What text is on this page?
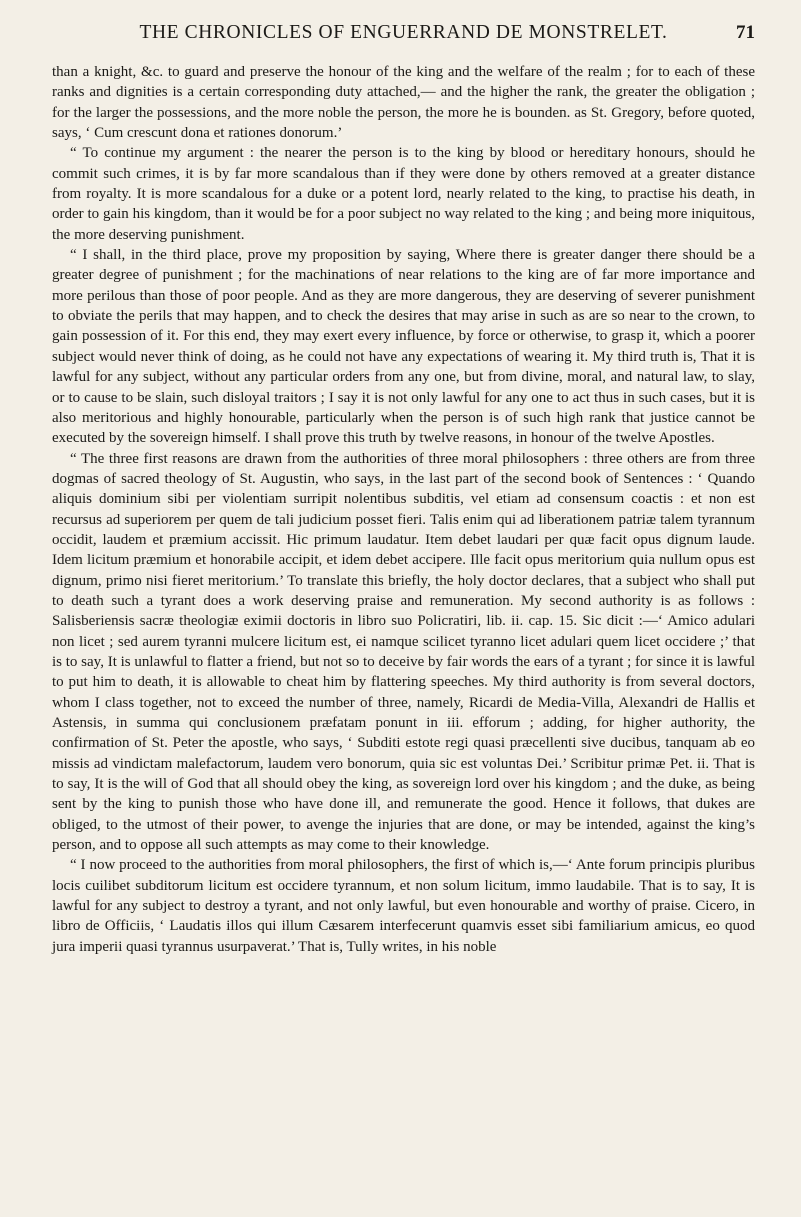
THE CHRONICLES OF ENGUERRAND DE MONSTRELET.	71

than a knight, &c. to guard and preserve the honour of the king and the welfare of the realm ; for to each of these ranks and dignities is a certain corresponding duty attached,— and the higher the rank, the greater the obligation ; for the larger the possessions, and the more noble the person, the more he is bounden. as St. Gregory, before quoted, says, ‘ Cum crescunt dona et rationes donorum.’

“ To continue my argument : the nearer the person is to the king by blood or hereditary honours, should he commit such crimes, it is by far more scandalous than if they were done by others removed at a greater distance from royalty. It is more scandalous for a duke or a potent lord, nearly related to the king, to practise his death, in order to gain his kingdom, than it would be for a poor subject no way related to the king ; and being more iniquitous, the more deserving punishment.

“ I shall, in the third place, prove my proposition by saying, Where there is greater danger there should be a greater degree of punishment ; for the machinations of near relations to the king are of far more importance and more perilous than those of poor people. And as they are more dangerous, they are deserving of severer punishment to obviate the perils that may happen, and to check the desires that may arise in such as are so near to the crown, to gain possession of it. For this end, they may exert every influence, by force or otherwise, to grasp it, which a poorer subject would never think of doing, as he could not have any expectations of wearing it. My third truth is, That it is lawful for any subject, without any particular orders from any one, but from divine, moral, and natural law, to slay, or to cause to be slain, such disloyal traitors ; I say it is not only lawful for any one to act thus in such cases, but it is also meritorious and highly honourable, particularly when the person is of such high rank that justice cannot be executed by the sovereign himself. I shall prove this truth by twelve reasons, in honour of the twelve Apostles.

“ The three first reasons are drawn from the authorities of three moral philosophers : three others are from three dogmas of sacred theology of St. Augustin, who says, in the last part of the second book of Sentences : ‘ Quando aliquis dominium sibi per violentiam surripit nolentibus subditis, vel etiam ad consensum coactis : et non est recursus ad superiorem per quem de tali judicium posset fieri. Talis enim qui ad liberationem patriæ talem tyrannum occidit, laudem et præmium accissit. Hic primum laudatur. Item debet laudari per quæ facit opus dignum laude. Idem licitum præmium et honorabile accipit, et idem debet accipere. Ille facit opus meritorium quia nullum opus est dignum, primo nisi fieret meritorium.’ To translate this briefly, the holy doctor declares, that a subject who shall put to death such a tyrant does a work deserving praise and remuneration. My second authority is as follows : Salisberiensis sacræ theologiæ eximii doctoris in libro suo Policratiri, lib. ii. cap. 15. Sic dicit :—‘ Amico adulari non licet ; sed aurem tyranni mulcere licitum est, ei namque scilicet tyranno licet adulari quem licet occidere ;’ that is to say, It is unlawful to flatter a friend, but not so to deceive by fair words the ears of a tyrant ; for since it is lawful to put him to death, it is allowable to cheat him by flattering speeches. My third authority is from several doctors, whom I class together, not to exceed the number of three, namely, Ricardi de Media-Villa, Alexandri de Hallis et Astensis, in summa qui conclusionem præfatam ponunt in iii. efforum ; adding, for higher authority, the confirmation of St. Peter the apostle, who says, ‘ Subditi estote regi quasi præcellenti sive ducibus, tanquam ab eo missis ad vindictam malefactorum, laudem vero bonorum, quia sic est voluntas Dei.’ Scribitur primæ Pet. ii. That is to say, It is the will of God that all should obey the king, as sovereign lord over his kingdom ; and the duke, as being sent by the king to punish those who have done ill, and remunerate the good. Hence it follows, that dukes are obliged, to the utmost of their power, to avenge the injuries that are done, or may be intended, against the king’s person, and to oppose all such attempts as may come to their knowledge.

“ I now proceed to the authorities from moral philosophers, the first of which is,—‘ Ante forum principis pluribus locis cuilibet subditorum licitum est occidere tyrannum, et non solum licitum, immo laudabile. That is to say, It is lawful for any subject to destroy a tyrant, and not only lawful, but even honourable and worthy of praise. Cicero, in libro de Officiis, ‘ Laudatis illos qui illum Cæsarem interfecerunt quamvis esset sibi familiarium amicus, eo quod jura imperii quasi tyrannus usurpaverat.’ That is, Tully writes, in his noble
